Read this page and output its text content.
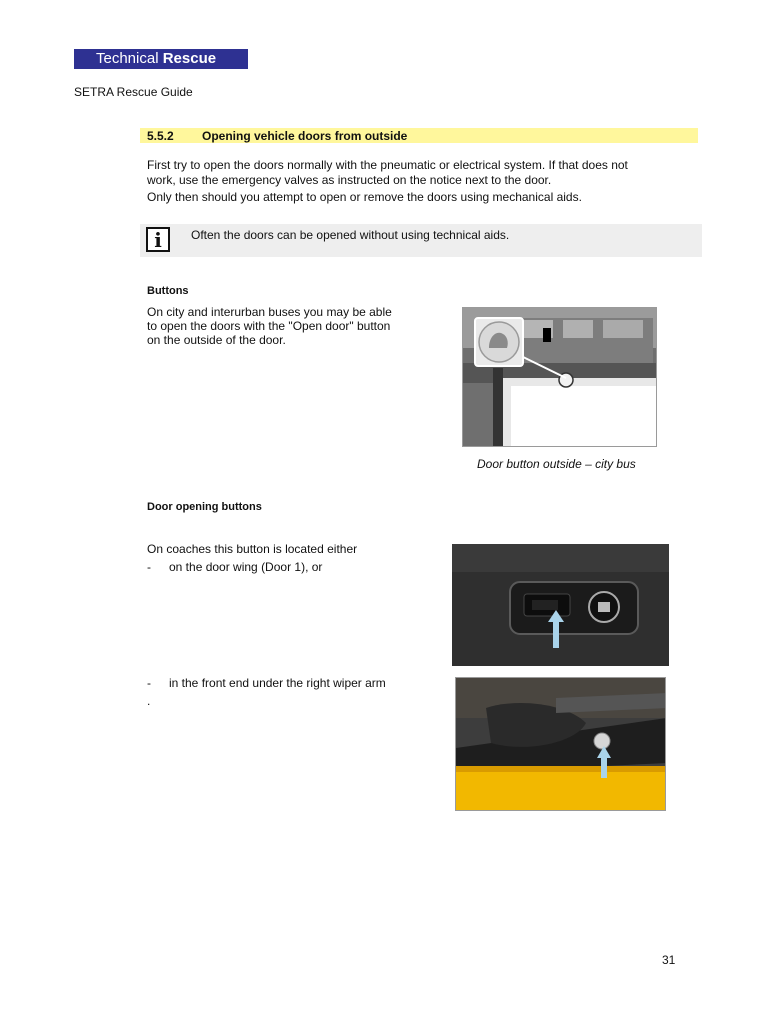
Technical Rescue
SETRA Rescue Guide
5.5.2 Opening vehicle doors from outside
First try to open the doors normally with the pneumatic or electrical system. If that does not
work, use the emergency valves as instructed on the notice next to the door.
Only then should you attempt to open or remove the doors using mechanical aids.
i	Often the doors can be opened without using technical aids.
Buttons
On city and interurban buses you may be able
to open the doors with the "Open door" button
on the outside of the door.
Door button outside – city bus
Door opening buttons
On coaches this button is located either
- on the door wing (Door 1), or
- in the front end under the right wiper arm
.
31
